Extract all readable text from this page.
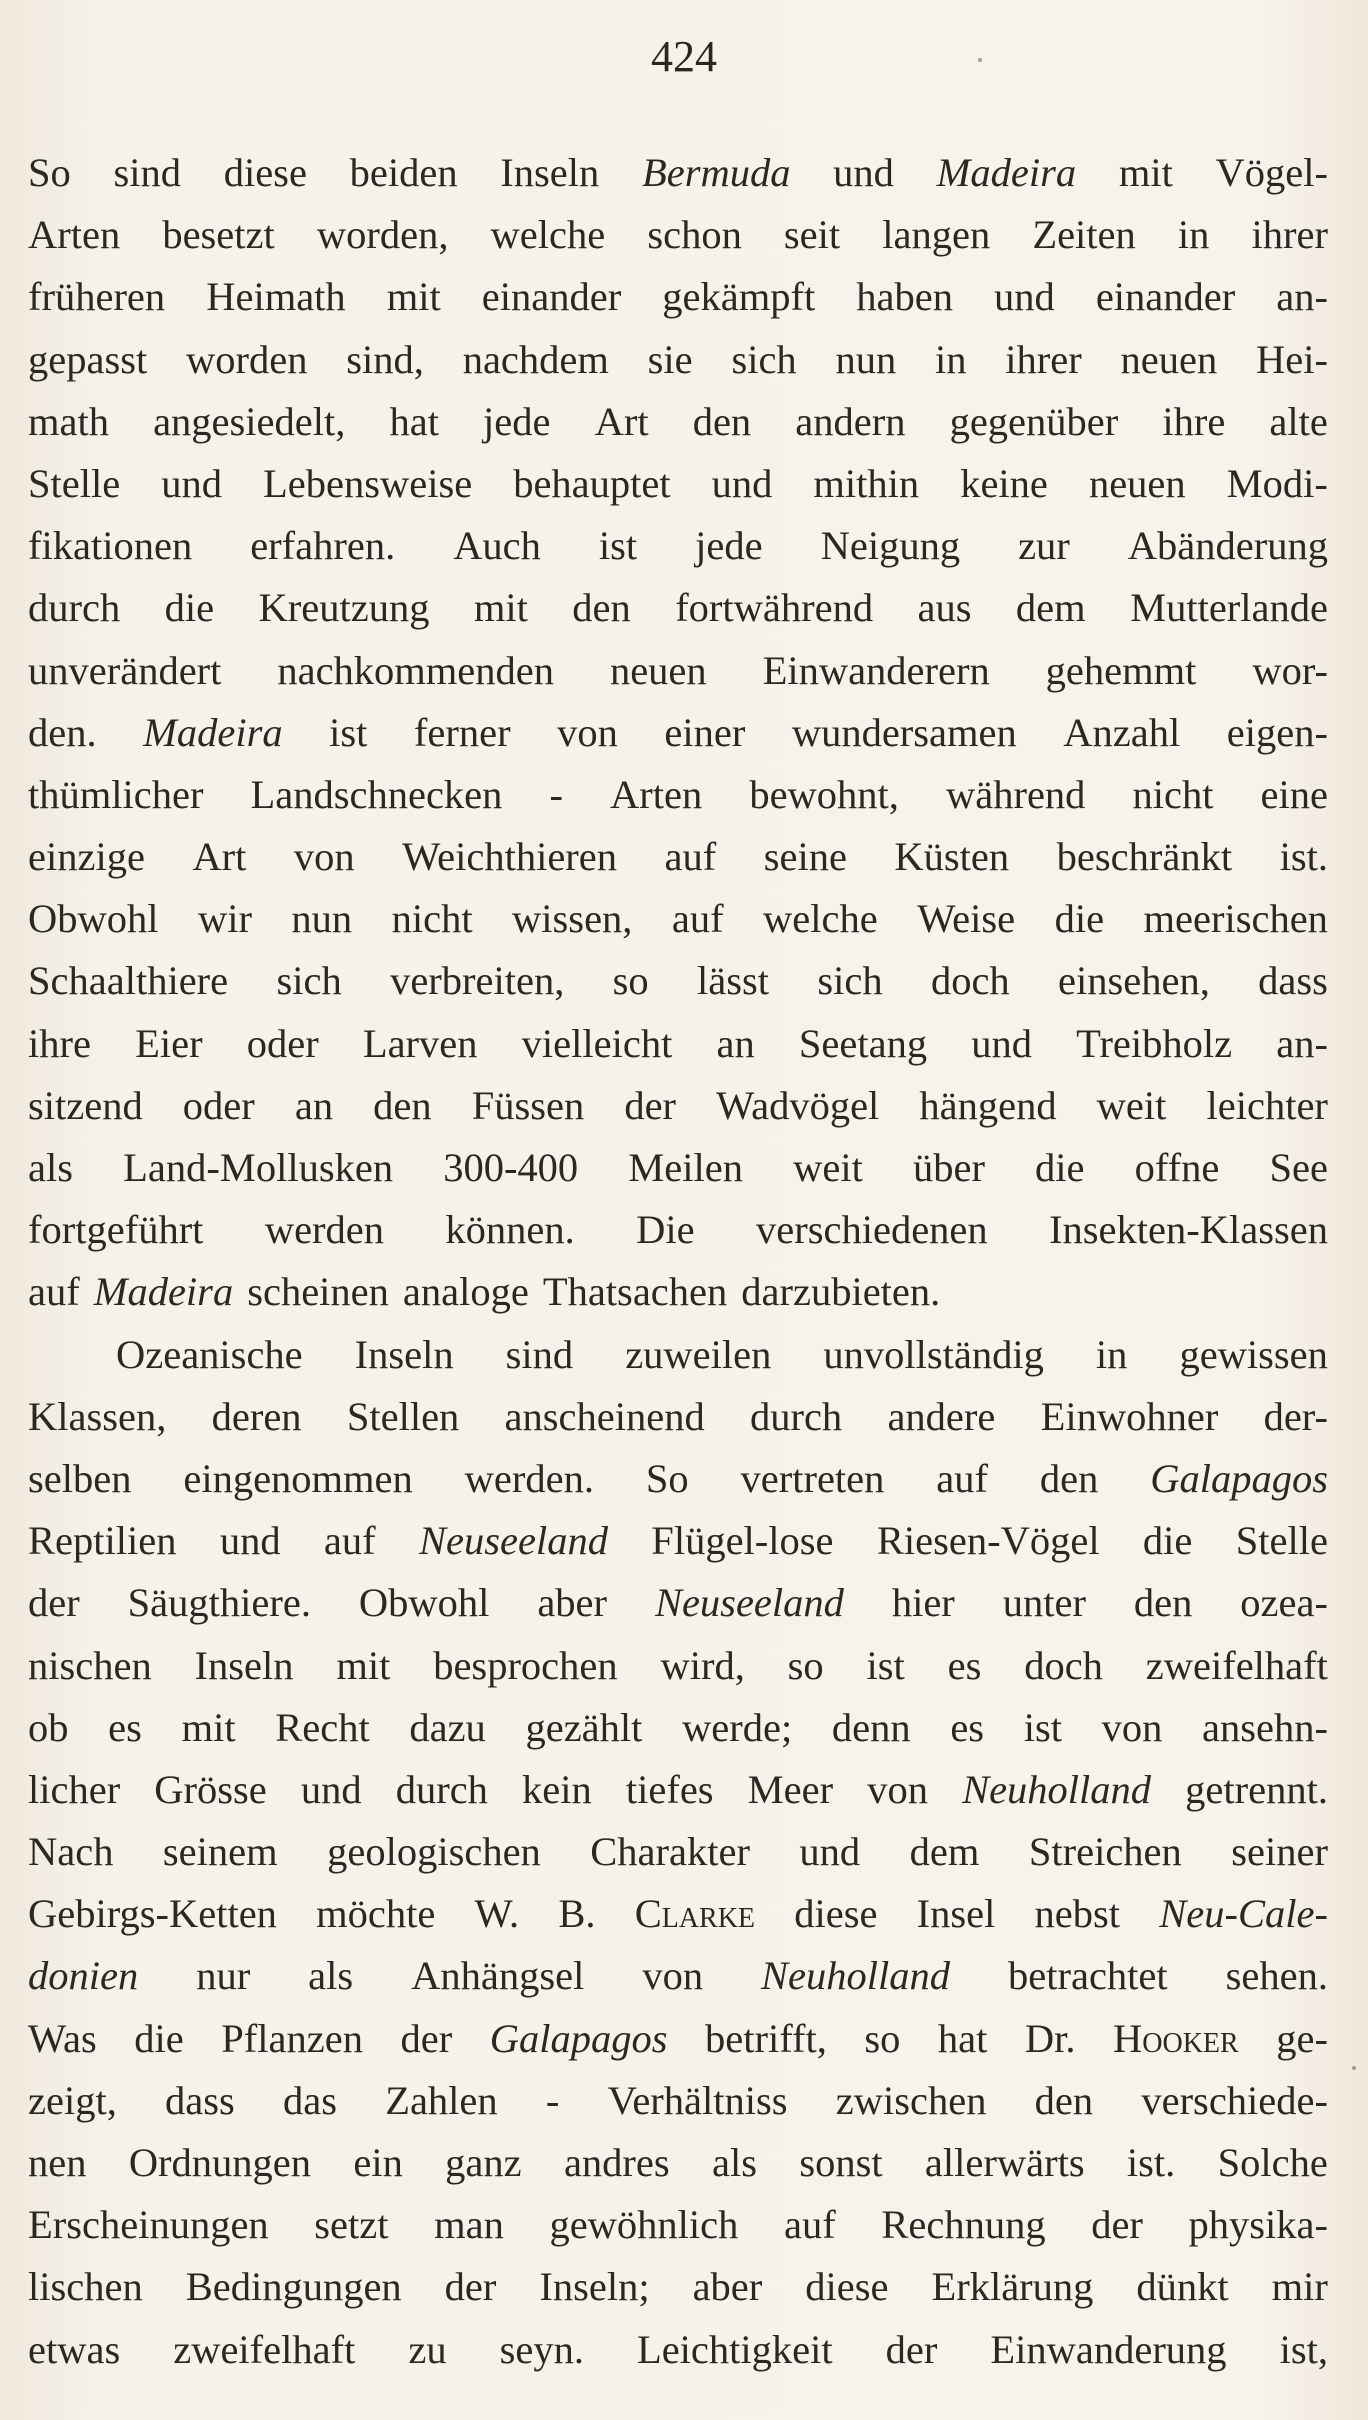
424
So sind diese beiden Inseln Bermuda und Madeira mit Vögel-
Arten besetzt worden, welche schon seit langen Zeiten in ihrer
früheren Heimath mit einander gekämpft haben und einander an-
gepasst worden sind, nachdem sie sich nun in ihrer neuen Hei-
math angesiedelt, hat jede Art den andern gegenüber ihre alte
Stelle und Lebensweise behauptet und mithin keine neuen Modi-
fikationen erfahren. Auch ist jede Neigung zur Abänderung
durch die Kreutzung mit den fortwährend aus dem Mutterlande
unverändert nachkommenden neuen Einwanderern gehemmt wor-
den. Madeira ist ferner von einer wundersamen Anzahl eigen-
thümlicher Landschnecken - Arten bewohnt, während nicht eine
einzige Art von Weichthieren auf seine Küsten beschränkt ist.
Obwohl wir nun nicht wissen, auf welche Weise die meerischen
Schaalthiere sich verbreiten, so lässt sich doch einsehen, dass
ihre Eier oder Larven vielleicht an Seetang und Treibholz an-
sitzend oder an den Füssen der Wadvögel hängend weit leichter
als Land-Mollusken 300-400 Meilen weit über die offne See
fortgeführt werden können. Die verschiedenen Insekten-Klassen
auf Madeira scheinen analoge Thatsachen darzubieten.
Ozeanische Inseln sind zuweilen unvollständig in gewissen
Klassen, deren Stellen anscheinend durch andere Einwohner der-
selben eingenommen werden. So vertreten auf den Galapagos
Reptilien und auf Neuseeland Flügel-lose Riesen-Vögel die Stelle
der Säugthiere. Obwohl aber Neuseeland hier unter den ozea-
nischen Inseln mit besprochen wird, so ist es doch zweifelhaft
ob es mit Recht dazu gezählt werde; denn es ist von ansehn-
licher Grösse und durch kein tiefes Meer von Neuholland getrennt.
Nach seinem geologischen Charakter und dem Streichen seiner
Gebirgs-Ketten möchte W. B. Clarke diese Insel nebst Neu-Cale-
donien nur als Anhängsel von Neuholland betrachtet sehen.
Was die Pflanzen der Galapagos betrifft, so hat Dr. Hooker ge-
zeigt, dass das Zahlen - Verhältniss zwischen den verschiede-
nen Ordnungen ein ganz andres als sonst allerwärts ist. Solche
Erscheinungen setzt man gewöhnlich auf Rechnung der physika-
lischen Bedingungen der Inseln; aber diese Erklärung dünkt mir
etwas zweifelhaft zu seyn. Leichtigkeit der Einwanderung ist,
